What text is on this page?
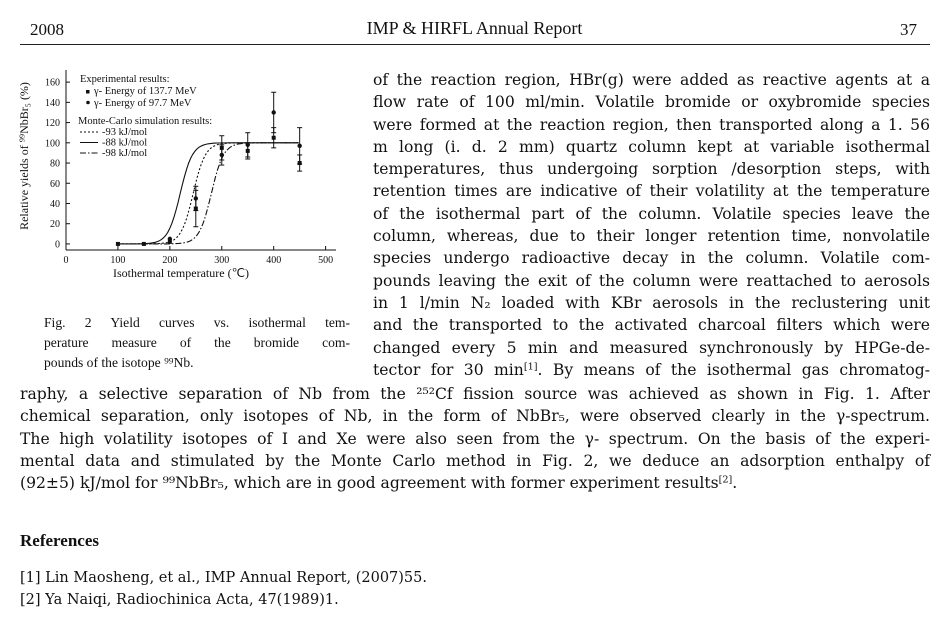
2008	IMP & HIRFL Annual Report	37
0	100	200	300	400	500
0
20
40
60
80
100
120
140
160
Isothermal temperature (℃)
Relative yields of ⁹⁹NbBr₅ (%)
Experimental results:
γ- Energy of 137.7 MeV
γ- Energy of 97.7 MeV
Monte-Carlo simulation results:
-93 kJ/mol
-88 kJ/mol
-98 kJ/mol
Fig. 2 Yield curves vs. isothermal tem-
perature measure of the bromide com-
pounds of the isotope ⁹⁹Nb.
of the reaction region, HBr(g) were added as reactive agents at a
flow rate of 100 ml/min. Volatile bromide or oxybromide species
were formed at the reaction region, then transported along a 1. 56
m long (i. d. 2 mm) quartz column kept at variable isothermal
temperatures, thus undergoing sorption /desorption steps, with
retention times are indicative of their volatility at the temperature
of the isothermal part of the column. Volatile species leave the
column, whereas, due to their longer retention time, nonvolatile
species undergo radioactive decay in the column. Volatile com-
pounds leaving the exit of the column were reattached to aerosols
in 1 l/min N₂ loaded with KBr aerosols in the reclustering unit
and the transported to the activated charcoal filters which were
changed every 5 min and measured synchronously by HPGe-de-
tector for 30 min[1]. By means of the isothermal gas chromatog-
raphy, a selective separation of Nb from the ²⁵²Cf fission source was achieved as shown in Fig. 1. After
chemical separation, only isotopes of Nb, in the form of NbBr₅, were observed clearly in the γ-spectrum.
The high volatility isotopes of I and Xe were also seen from the γ- spectrum. On the basis of the experi-
mental data and stimulated by the Monte Carlo method in Fig. 2, we deduce an adsorption enthalpy of
(92±5) kJ/mol for ⁹⁹NbBr₅, which are in good agreement with former experiment results[2].
References
[1] Lin Maosheng, et al., IMP Annual Report, (2007)55.
[2] Ya Naiqi, Radiochinica Acta, 47(1989)1.
